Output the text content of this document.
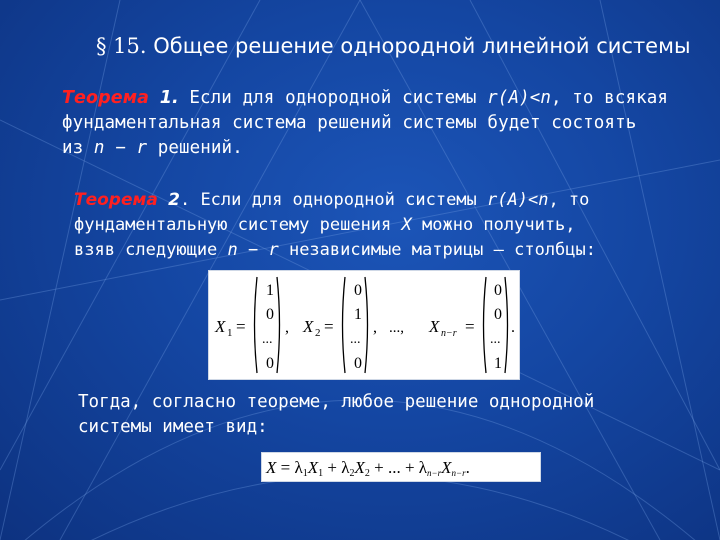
§ 15. Общее решение однородной линейной системы
Теорема 1. Если для однородной системы r(A)<n, то всякая
фундаментальная система решений системы будет состоять
из n − r решений.
Теорема 2. Если для однородной системы r(A)<n, то
фундаментальную систему решения X можно получить,
взяв следующие n − r независимые матрицы – столбцы:
X 1 =
1
0
...
0
, X 2 =
0
1
...
0
, ..., X n−r =
0
0
...
1
.
Тогда, согласно теореме, любое решение однородной
системы имеет вид:
X = λ1X1 + λ2X2 + ... + λn−rXn−r.
